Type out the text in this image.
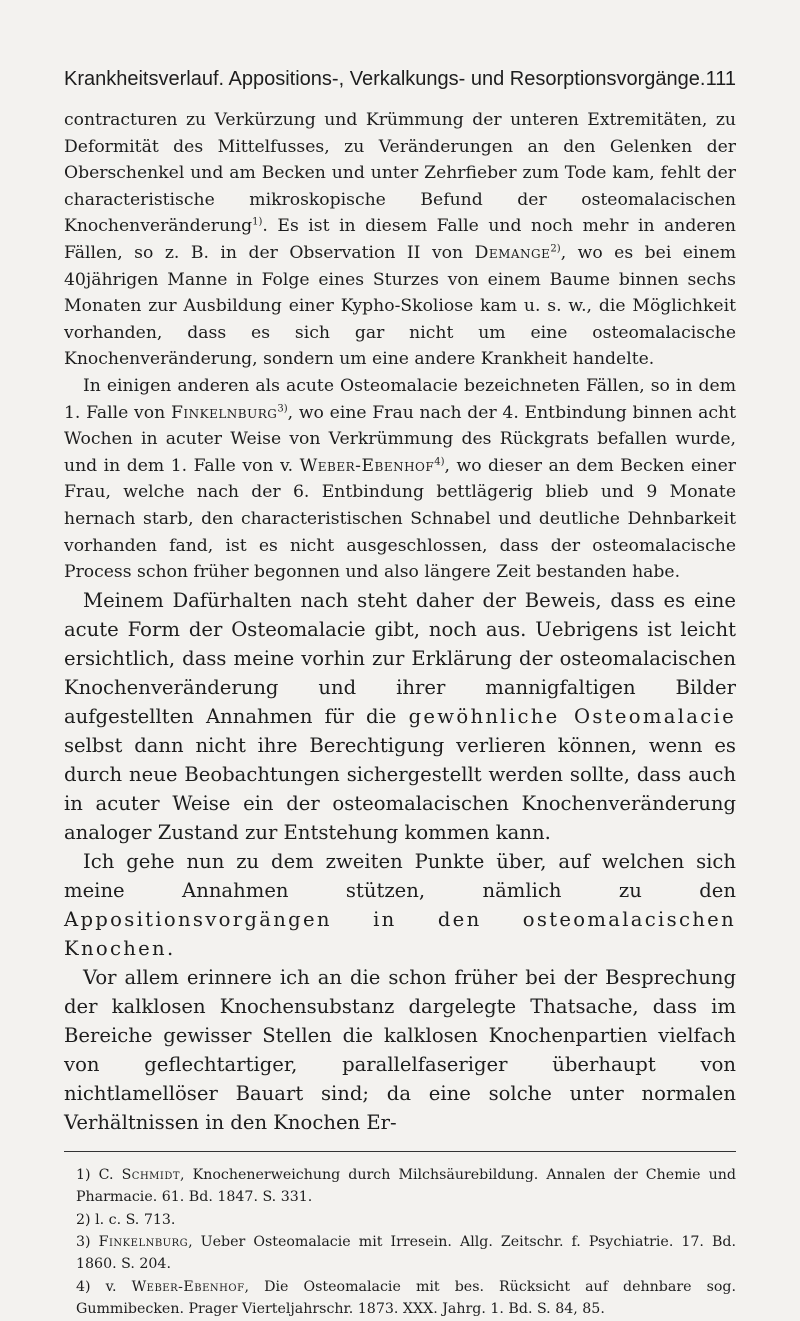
Krankheitsverlauf. Appositions-, Verkalkungs- und Resorptionsvorgänge. 111

contracturen zu Verkürzung und Krümmung der unteren Extremitäten, zu Deformität des Mittelfusses, zu Veränderungen an den Gelenken der Oberschenkel und am Becken und unter Zehrfieber zum Tode kam, fehlt der characteristische mikroskopische Befund der osteomalacischen Knochenveränderung$^{1)}$. Es ist in diesem Falle und noch mehr in anderen Fällen, so z. B. in der Observation II von Demange$^{2)}$, wo es bei einem 40jährigen Manne in Folge eines Sturzes von einem Baume binnen sechs Monaten zur Ausbildung einer Kypho-Skoliose kam u. s. w., die Möglichkeit vorhanden, dass es sich gar nicht um eine osteomalacische Knochenveränderung, sondern um eine andere Krankheit handelte.

In einigen anderen als acute Osteomalacie bezeichneten Fällen, so in dem 1. Falle von Finkelnburg$^{3)}$, wo eine Frau nach der 4. Entbindung binnen acht Wochen in acuter Weise von Verkrümmung des Rückgrats befallen wurde, und in dem 1. Falle von v. Weber-Ebenhof$^{4)}$, wo dieser an dem Becken einer Frau, welche nach der 6. Entbindung bettlägerig blieb und 9 Monate hernach starb, den characteristischen Schnabel und deutliche Dehnbarkeit vorhanden fand, ist es nicht ausgeschlossen, dass der osteomalacische Process schon früher begonnen und also längere Zeit bestanden habe.

Meinem Dafürhalten nach steht daher der Beweis, dass es eine acute Form der Osteomalacie gibt, noch aus. Uebrigens ist leicht ersichtlich, dass meine vorhin zur Erklärung der osteomalacischen Knochenveränderung und ihrer mannigfaltigen Bilder aufgestellten Annahmen für die gewöhnliche Osteomalacie selbst dann nicht ihre Berechtigung verlieren können, wenn es durch neue Beobachtungen sichergestellt werden sollte, dass auch in acuter Weise ein der osteomalacischen Knochenveränderung analoger Zustand zur Entstehung kommen kann.

Ich gehe nun zu dem zweiten Punkte über, auf welchen sich meine Annahmen stützen, nämlich zu den Appositionsvorgängen in den osteomalacischen Knochen.

Vor allem erinnere ich an die schon früher bei der Besprechung der kalklosen Knochensubstanz dargelegte Thatsache, dass im Bereiche gewisser Stellen die kalklosen Knochenpartien vielfach von geflechtartiger, parallelfaseriger überhaupt von nichtlamellöser Bauart sind; da eine solche unter normalen Verhältnissen in den Knochen Er-

1) C. Schmidt, Knochenerweichung durch Milchsäurebildung. Annalen der Chemie und Pharmacie. 61. Bd. 1847. S. 331.

2) l. c. S. 713.

3) Finkelnburg, Ueber Osteomalacie mit Irresein. Allg. Zeitschr. f. Psychiatrie. 17. Bd. 1860. S. 204.

4) v. Weber-Ebenhof, Die Osteomalacie mit bes. Rücksicht auf dehnbare sog. Gummibecken. Prager Vierteljahrschr. 1873. XXX. Jahrg. 1. Bd. S. 84, 85.
